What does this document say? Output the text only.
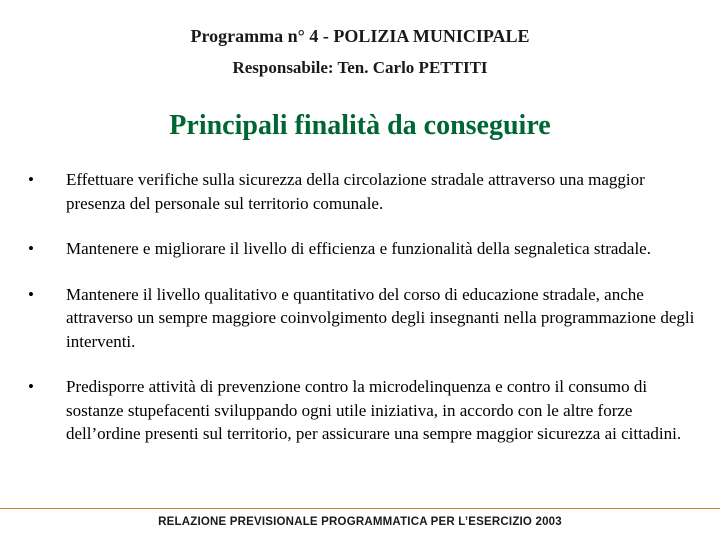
Programma n° 4 - POLIZIA MUNICIPALE
Responsabile: Ten. Carlo PETTITI
Principali finalità da conseguire
•	Effettuare verifiche sulla sicurezza della circolazione stradale attraverso una maggior presenza del personale sul territorio comunale.
•	Mantenere e migliorare il livello di efficienza e funzionalità della segnaletica stradale.
•	Mantenere il livello qualitativo e quantitativo del corso di educazione stradale, anche attraverso un sempre maggiore coinvolgimento degli insegnanti nella programmazione degli interventi.
•	Predisporre attività di prevenzione contro la microdelinquenza e contro il consumo di sostanze stupefacenti sviluppando ogni utile iniziativa, in accordo con le altre forze dell’ordine presenti sul territorio, per assicurare una sempre maggior sicurezza ai cittadini.
RELAZIONE PREVISIONALE PROGRAMMATICA PER L’ESERCIZIO 2003
